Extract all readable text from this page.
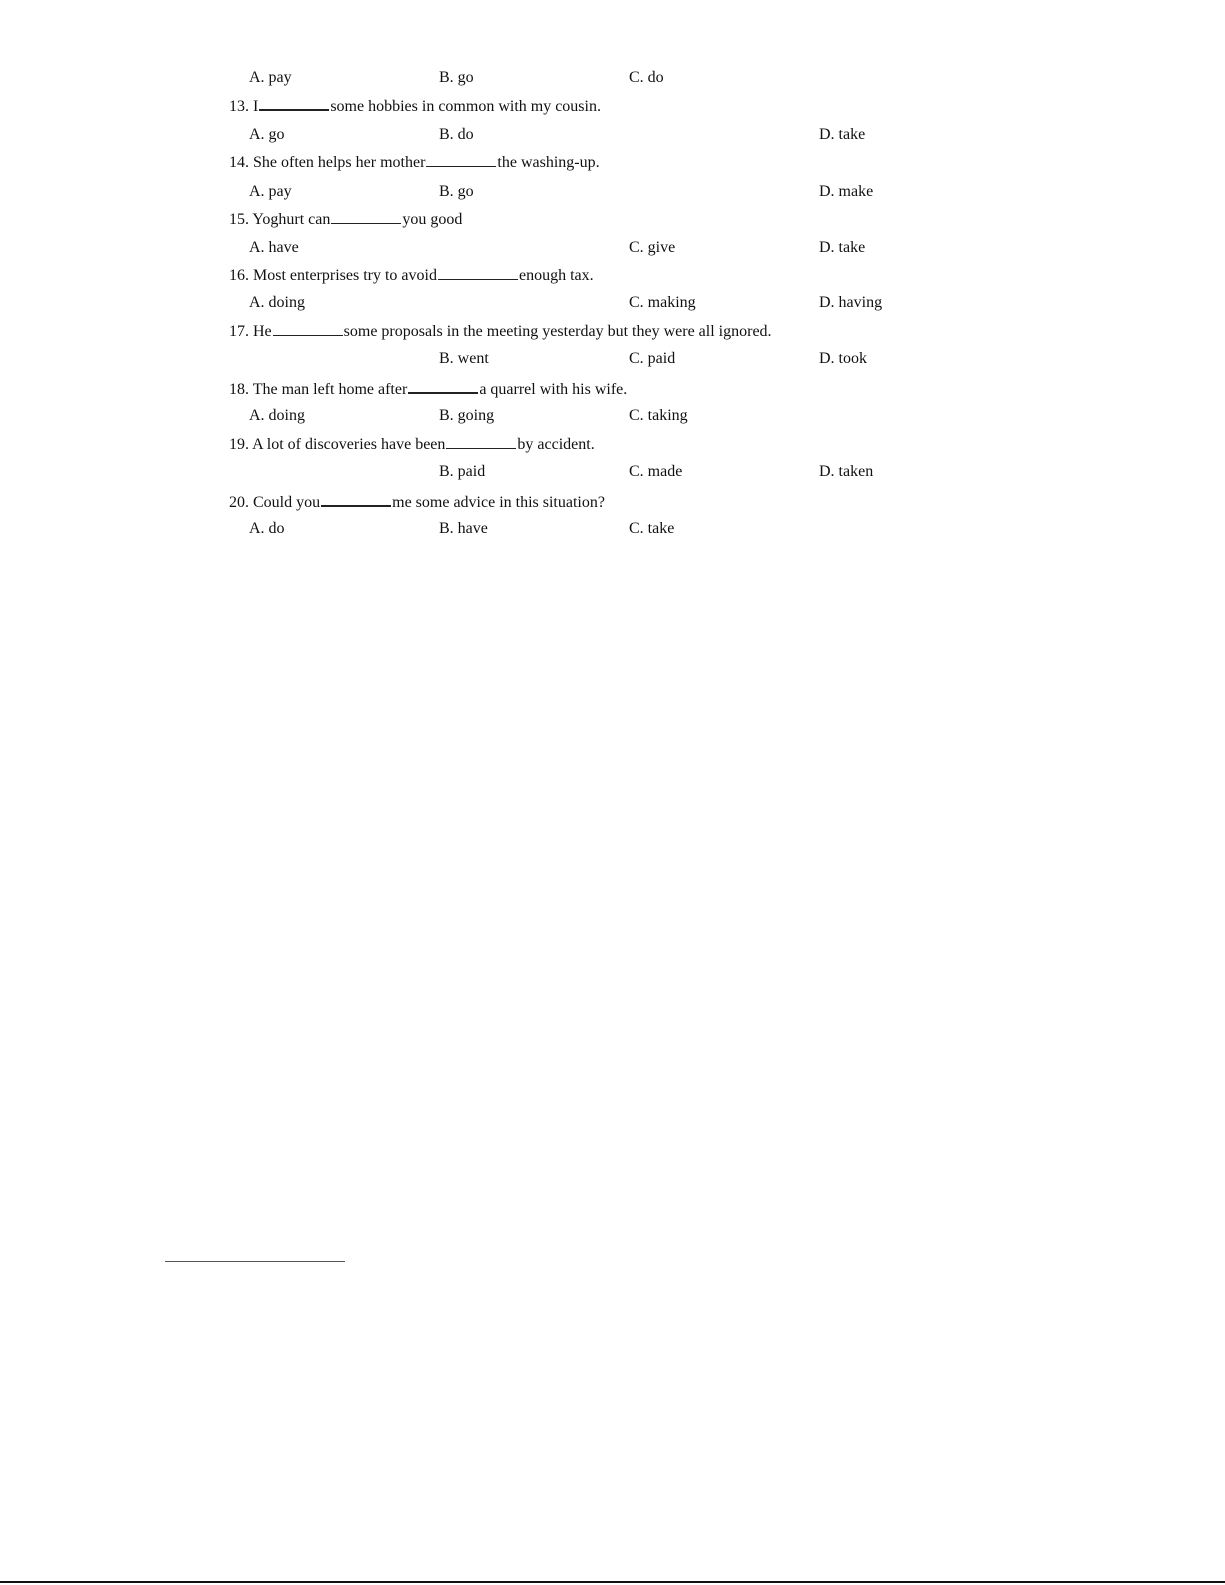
A. pay	B. go	C. do
13. I	some hobbies in common with my cousin.
A. go	B. do	D. take
14. She often helps her mother	the washing-up.
A. pay	B. go	D. make
15. Yoghurt can	you good
A. have	C. give	D. take
16. Most enterprises try to avoid	enough tax.
A. doing	C. making	D. having
17. He	some proposals in the meeting yesterday but they were all ignored.
B. went	C. paid	D. took
18. The man left home after	a quarrel with his wife.
A. doing	B. going	C. taking
19. A lot of discoveries have been	by accident.
B. paid	C. made	D. taken
20. Could you	me some advice in this situation?
A. do	B. have	C. take
